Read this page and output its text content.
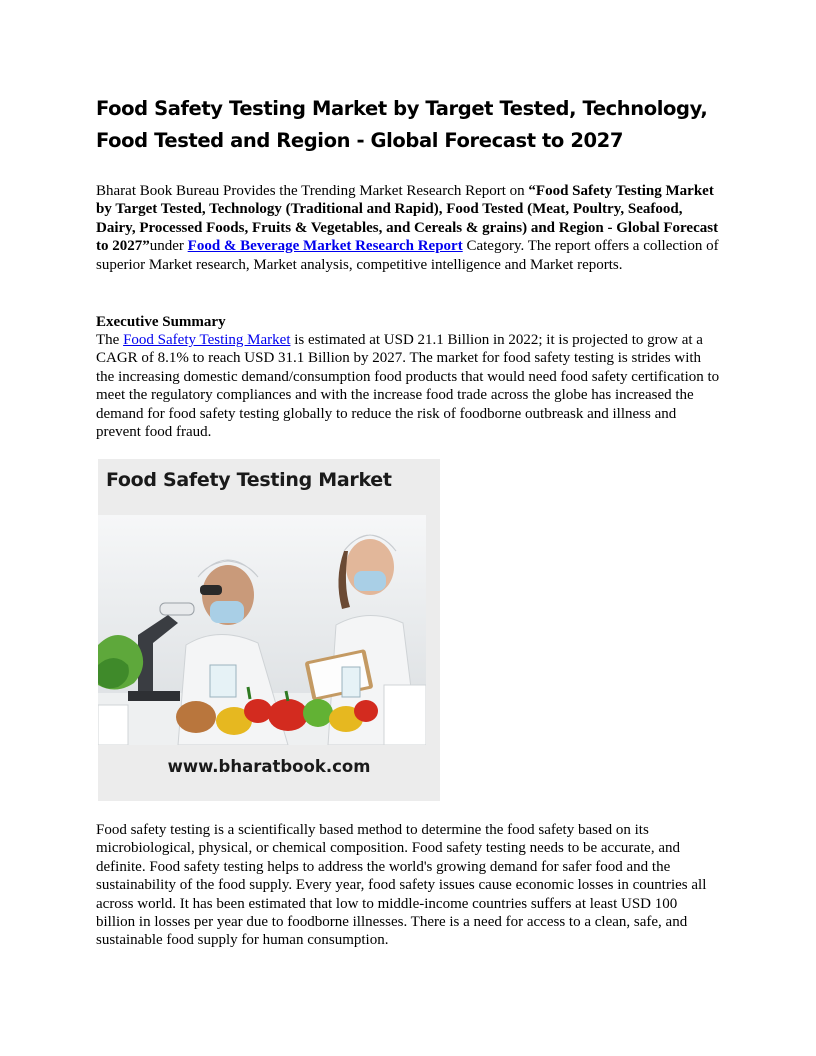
Food Safety Testing Market by Target Tested, Technology, Food Tested and Region - Global Forecast to 2027

Bharat Book Bureau Provides the Trending Market Research Report on “Food Safety Testing Market by Target Tested, Technology (Traditional and Rapid), Food Tested (Meat, Poultry, Seafood, Dairy, Processed Foods, Fruits & Vegetables, and Cereals & grains) and Region - Global Forecast to 2027”under Food & Beverage Market Research Report Category. The report offers a collection of superior Market research, Market analysis, competitive intelligence and Market reports.

Executive Summary

The Food Safety Testing Market is estimated at USD 21.1 Billion in 2022; it is projected to grow at a CAGR of 8.1% to reach USD 31.1 Billion by 2027. The market for food safety testing is strides with the increasing domestic demand/consumption food products that would need food safety certification to meet the regulatory compliances and with the increase food trade across the globe has increased the demand for food safety testing globally to reduce the risk of foodborne outbreask and illness and prevent food fraud.

Food Safety Testing Market
www.bharatbook.com

Food safety testing is a scientifically based method to determine the food safety based on its microbiological, physical, or chemical composition. Food safety testing needs to be accurate, and definite. Food safety testing helps to address the world's growing demand for safer food and the sustainability of the food supply. Every year, food safety issues cause economic losses in countries all across world. It has been estimated that low to middle-income countries suffers at least USD 100 billion in losses per year due to foodborne illnesses. There is a need for access to a clean, safe, and sustainable food supply for human consumption.
